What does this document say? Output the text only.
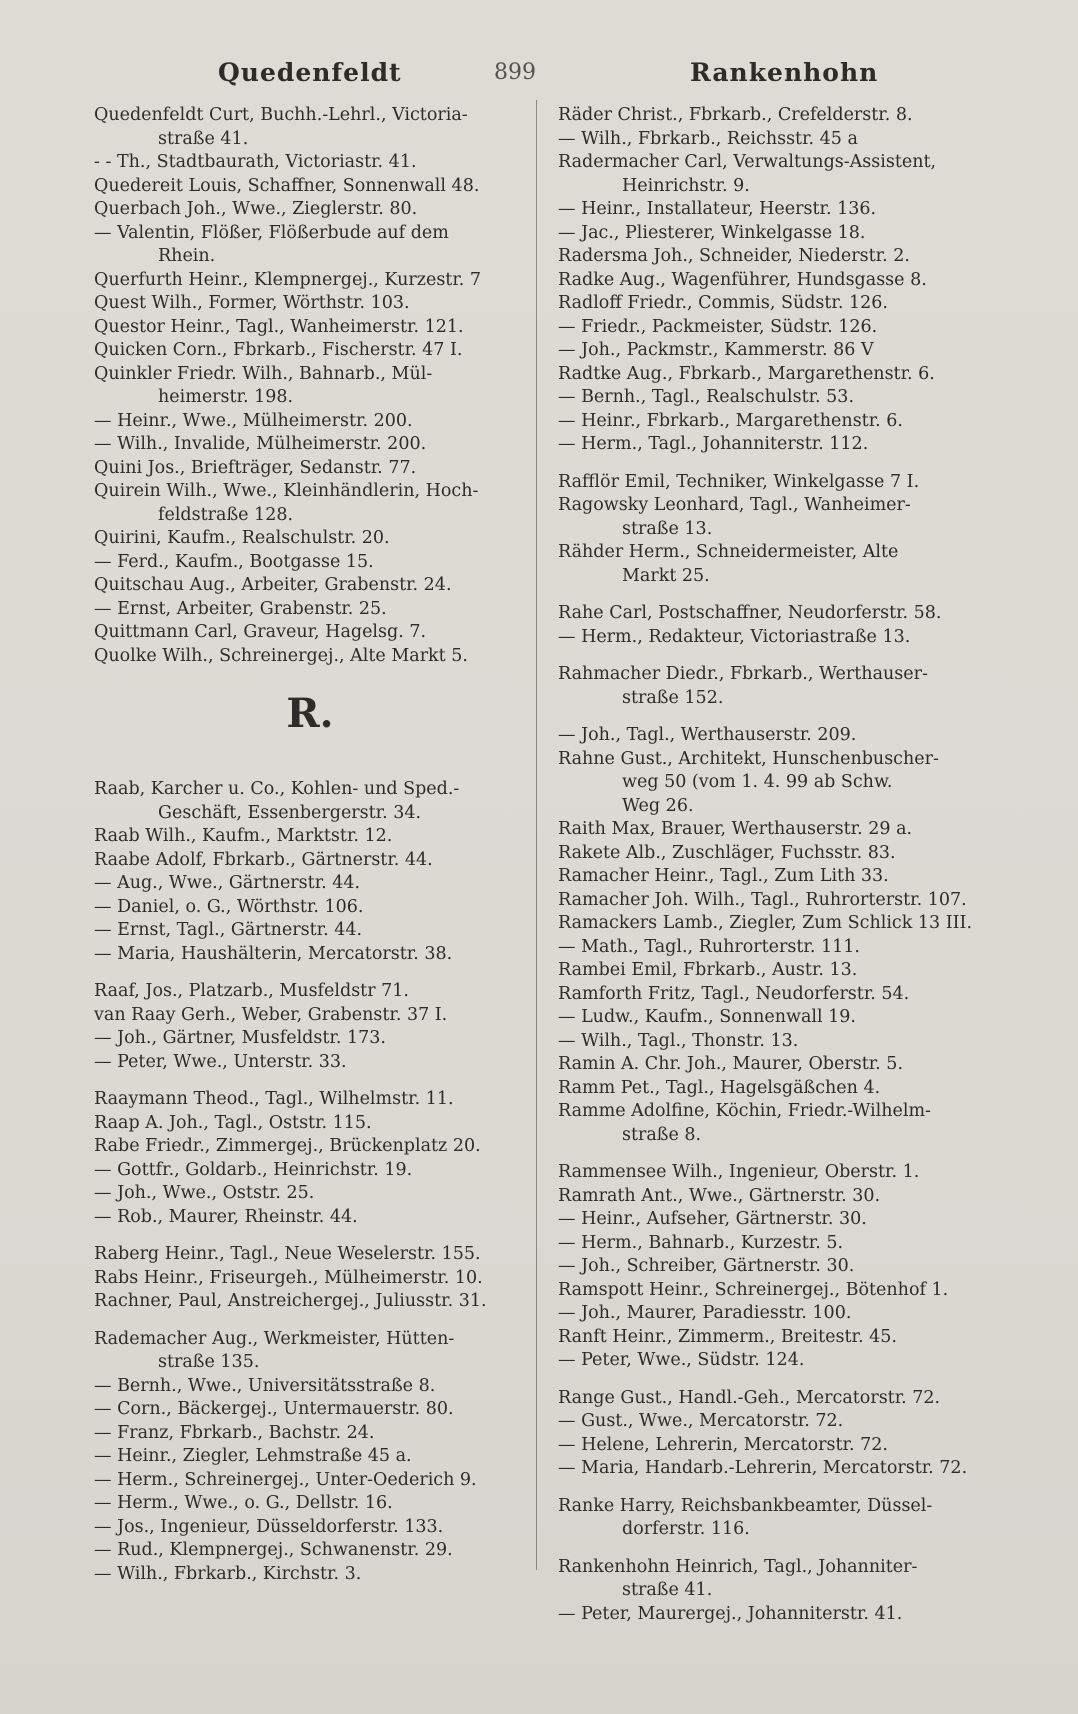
Quedenfeldt	899	Rankenhohn
Quedenfeldt Curt, Buchh.-Lehrl., Victoria-
straße 41.
- - Th., Stadtbaurath, Victoriastr. 41.
Quedereit Louis, Schaffner, Sonnenwall 48.
Querbach Joh., Wwe., Zieglerstr. 80.
— Valentin, Flößer, Flößerbude auf dem
Rhein.
Querfurth Heinr., Klempnergej., Kurzestr. 7
Quest Wilh., Former, Wörthstr. 103.
Questor Heinr., Tagl., Wanheimerstr. 121.
Quicken Corn., Fbrkarb., Fischerstr. 47 I.
Quinkler Friedr. Wilh., Bahnarb., Mül-
heimerstr. 198.
— Heinr., Wwe., Mülheimerstr. 200.
— Wilh., Invalide, Mülheimerstr. 200.
Quini Jos., Briefträger, Sedanstr. 77.
Quirein Wilh., Wwe., Kleinhändlerin, Hoch-
feldstraße 128.
Quirini, Kaufm., Realschulstr. 20.
— Ferd., Kaufm., Bootgasse 15.
Quitschau Aug., Arbeiter, Grabenstr. 24.
— Ernst, Arbeiter, Grabenstr. 25.
Quittmann Carl, Graveur, Hagelsg. 7.
Quolke Wilh., Schreinergej., Alte Markt 5.
R.
Raab, Karcher u. Co., Kohlen- und Sped.-
Geschäft, Essenbergerstr. 34.
Raab Wilh., Kaufm., Marktstr. 12.
Raabe Adolf, Fbrkarb., Gärtnerstr. 44.
— Aug., Wwe., Gärtnerstr. 44.
— Daniel, o. G., Wörthstr. 106.
— Ernst, Tagl., Gärtnerstr. 44.
— Maria, Haushälterin, Mercatorstr. 38.
Raaf, Jos., Platzarb., Musfeldstr 71.
van Raay Gerh., Weber, Grabenstr. 37 I.
— Joh., Gärtner, Musfeldstr. 173.
— Peter, Wwe., Unterstr. 33.
Raaymann Theod., Tagl., Wilhelmstr. 11.
Raap A. Joh., Tagl., Oststr. 115.
Rabe Friedr., Zimmergej., Brückenplatz 20.
— Gottfr., Goldarb., Heinrichstr. 19.
— Joh., Wwe., Oststr. 25.
— Rob., Maurer, Rheinstr. 44.
Raberg Heinr., Tagl., Neue Weselerstr. 155.
Rabs Heinr., Friseurgeh., Mülheimerstr. 10.
Rachner, Paul, Anstreichergej., Juliusstr. 31.
Rademacher Aug., Werkmeister, Hütten-
straße 135.
— Bernh., Wwe., Universitätsstraße 8.
— Corn., Bäckergej., Untermauerstr. 80.
— Franz, Fbrkarb., Bachstr. 24.
— Heinr., Ziegler, Lehmstraße 45 a.
— Herm., Schreinergej., Unter-Oederich 9.
— Herm., Wwe., o. G., Dellstr. 16.
— Jos., Ingenieur, Düsseldorferstr. 133.
— Rud., Klempnergej., Schwanenstr. 29.
— Wilh., Fbrkarb., Kirchstr. 3.
Räder Christ., Fbrkarb., Crefelderstr. 8.
— Wilh., Fbrkarb., Reichsstr. 45 a
Radermacher Carl, Verwaltungs-Assistent,
Heinrichstr. 9.
— Heinr., Installateur, Heerstr. 136.
— Jac., Pliesterer, Winkelgasse 18.
Radersma Joh., Schneider, Niederstr. 2.
Radke Aug., Wagenführer, Hundsgasse 8.
Radloff Friedr., Commis, Südstr. 126.
— Friedr., Packmeister, Südstr. 126.
— Joh., Packmstr., Kammerstr. 86 V
Radtke Aug., Fbrkarb., Margarethenstr. 6.
— Bernh., Tagl., Realschulstr. 53.
— Heinr., Fbrkarb., Margarethenstr. 6.
— Herm., Tagl., Johanniterstr. 112.
Rafflör Emil, Techniker, Winkelgasse 7 I.
Ragowsky Leonhard, Tagl., Wanheimer-
straße 13.
Rähder Herm., Schneidermeister, Alte
Markt 25.
Rahe Carl, Postschaffner, Neudorferstr. 58.
— Herm., Redakteur, Victoriastraße 13.
Rahmacher Diedr., Fbrkarb., Werthauser-
straße 152.
— Joh., Tagl., Werthauserstr. 209.
Rahne Gust., Architekt, Hunschenbuscher-
weg 50 (vom 1. 4. 99 ab Schw.
Weg 26.
Raith Max, Brauer, Werthauserstr. 29 a.
Rakete Alb., Zuschläger, Fuchsstr. 83.
Ramacher Heinr., Tagl., Zum Lith 33.
Ramacher Joh. Wilh., Tagl., Ruhrorterstr. 107.
Ramackers Lamb., Ziegler, Zum Schlick 13 III.
— Math., Tagl., Ruhrorterstr. 111.
Rambei Emil, Fbrkarb., Austr. 13.
Ramforth Fritz, Tagl., Neudorferstr. 54.
— Ludw., Kaufm., Sonnenwall 19.
— Wilh., Tagl., Thonstr. 13.
Ramin A. Chr. Joh., Maurer, Oberstr. 5.
Ramm Pet., Tagl., Hagelsgäßchen 4.
Ramme Adolfine, Köchin, Friedr.-Wilhelm-
straße 8.
Rammensee Wilh., Ingenieur, Oberstr. 1.
Ramrath Ant., Wwe., Gärtnerstr. 30.
— Heinr., Aufseher, Gärtnerstr. 30.
— Herm., Bahnarb., Kurzestr. 5.
— Joh., Schreiber, Gärtnerstr. 30.
Ramspott Heinr., Schreinergej., Bötenhof 1.
— Joh., Maurer, Paradiesstr. 100.
Ranft Heinr., Zimmerm., Breitestr. 45.
— Peter, Wwe., Südstr. 124.
Range Gust., Handl.-Geh., Mercatorstr. 72.
— Gust., Wwe., Mercatorstr. 72.
— Helene, Lehrerin, Mercatorstr. 72.
— Maria, Handarb.-Lehrerin, Mercatorstr. 72.
Ranke Harry, Reichsbankbeamter, Düssel-
dorferstr. 116.
Rankenhohn Heinrich, Tagl., Johanniter-
straße 41.
— Peter, Maurergej., Johanniterstr. 41.
